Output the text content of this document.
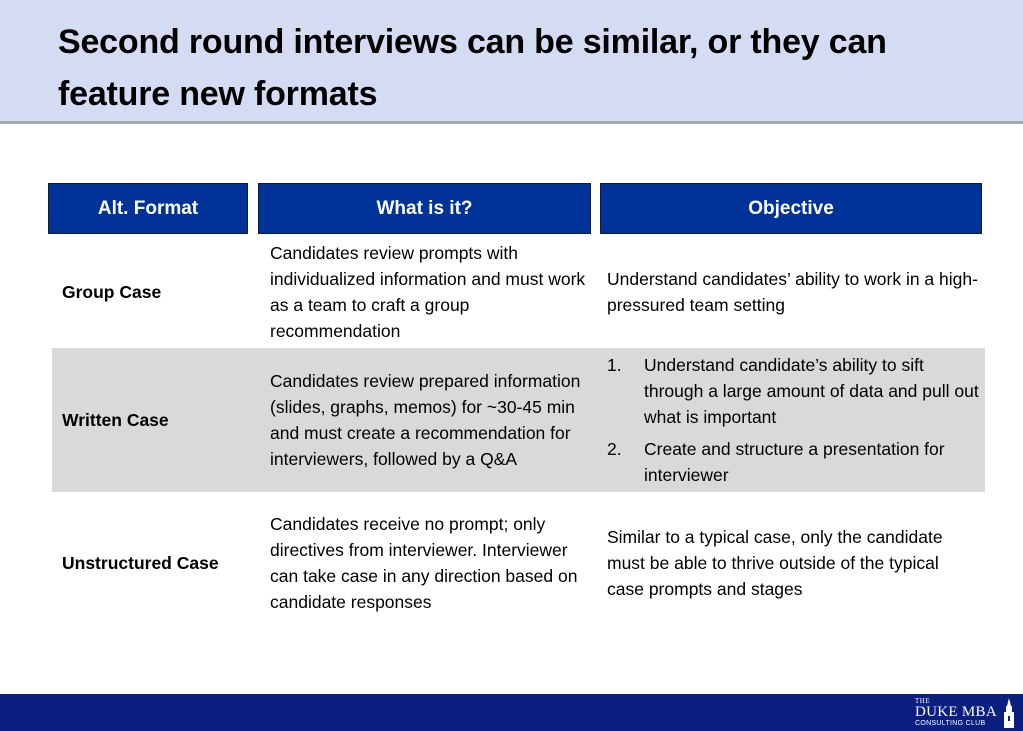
Second round interviews can be similar, or they can feature new formats
Alt. Format	What is it?	Objective
Group Case
Candidates review prompts with individualized information and must work as a team to craft a group recommendation
Understand candidates’ ability to work in a high-pressured team setting
Written Case
Candidates review prepared information (slides, graphs, memos) for ~30-45 min and must create a recommendation for interviewers, followed by a Q&A
1. Understand candidate’s ability to sift through a large amount of data and pull out what is important
2. Create and structure a presentation for interviewer
Unstructured Case
Candidates receive no prompt; only directives from interviewer. Interviewer can take case in any direction based on candidate responses
Similar to a typical case, only the candidate must be able to thrive outside of the typical case prompts and stages
THE
DUKE MBA
CONSULTING CLUB
